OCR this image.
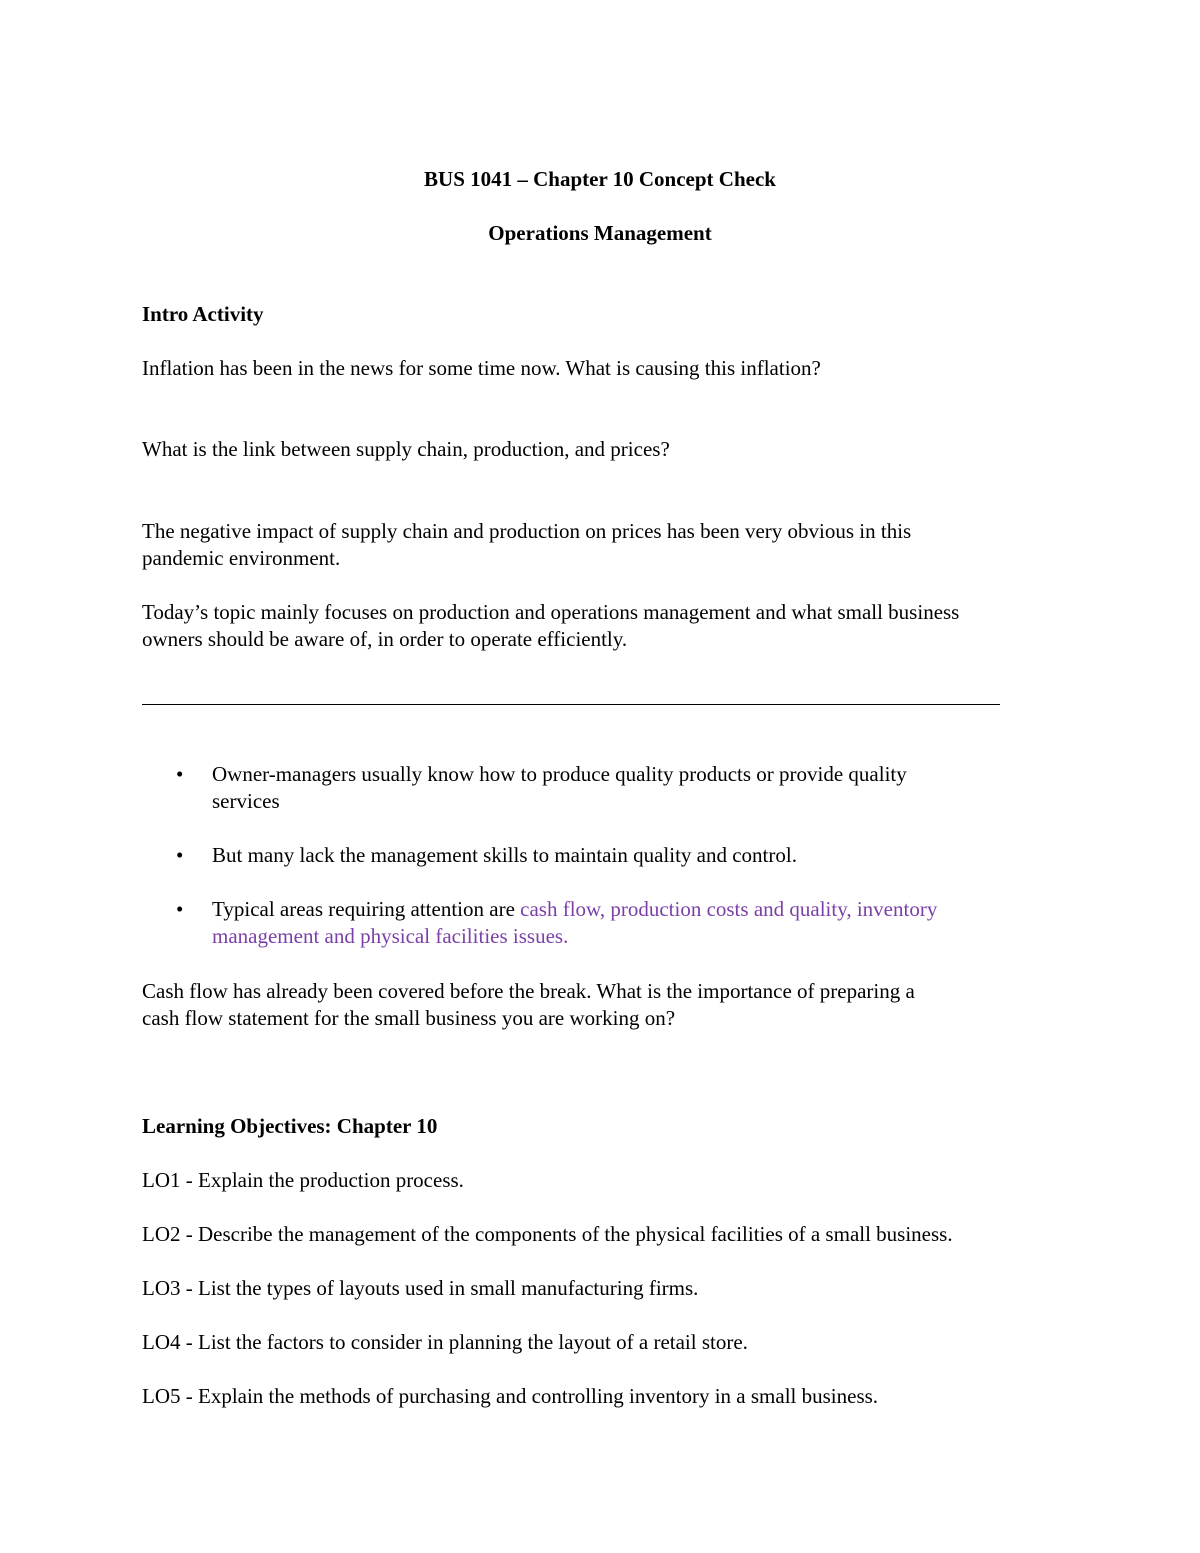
BUS 1041 – Chapter 10 Concept Check
Operations Management
Intro Activity
Inflation has been in the news for some time now. What is causing this inflation?
What is the link between supply chain, production, and prices?
The negative impact of supply chain and production on prices has been very obvious in this
pandemic environment.
Today’s topic mainly focuses on production and operations management and what small business
owners should be aware of, in order to operate efficiently.
• Owner-managers usually know how to produce quality products or provide quality
services
• But many lack the management skills to maintain quality and control.
• Typical areas requiring attention are cash flow, production costs and quality, inventory
management and physical facilities issues.
Cash flow has already been covered before the break. What is the importance of preparing a
cash flow statement for the small business you are working on?
Learning Objectives: Chapter 10
LO1 - Explain the production process.
LO2 - Describe the management of the components of the physical facilities of a small business.
LO3 - List the types of layouts used in small manufacturing firms.
LO4 - List the factors to consider in planning the layout of a retail store.
LO5 - Explain the methods of purchasing and controlling inventory in a small business.
